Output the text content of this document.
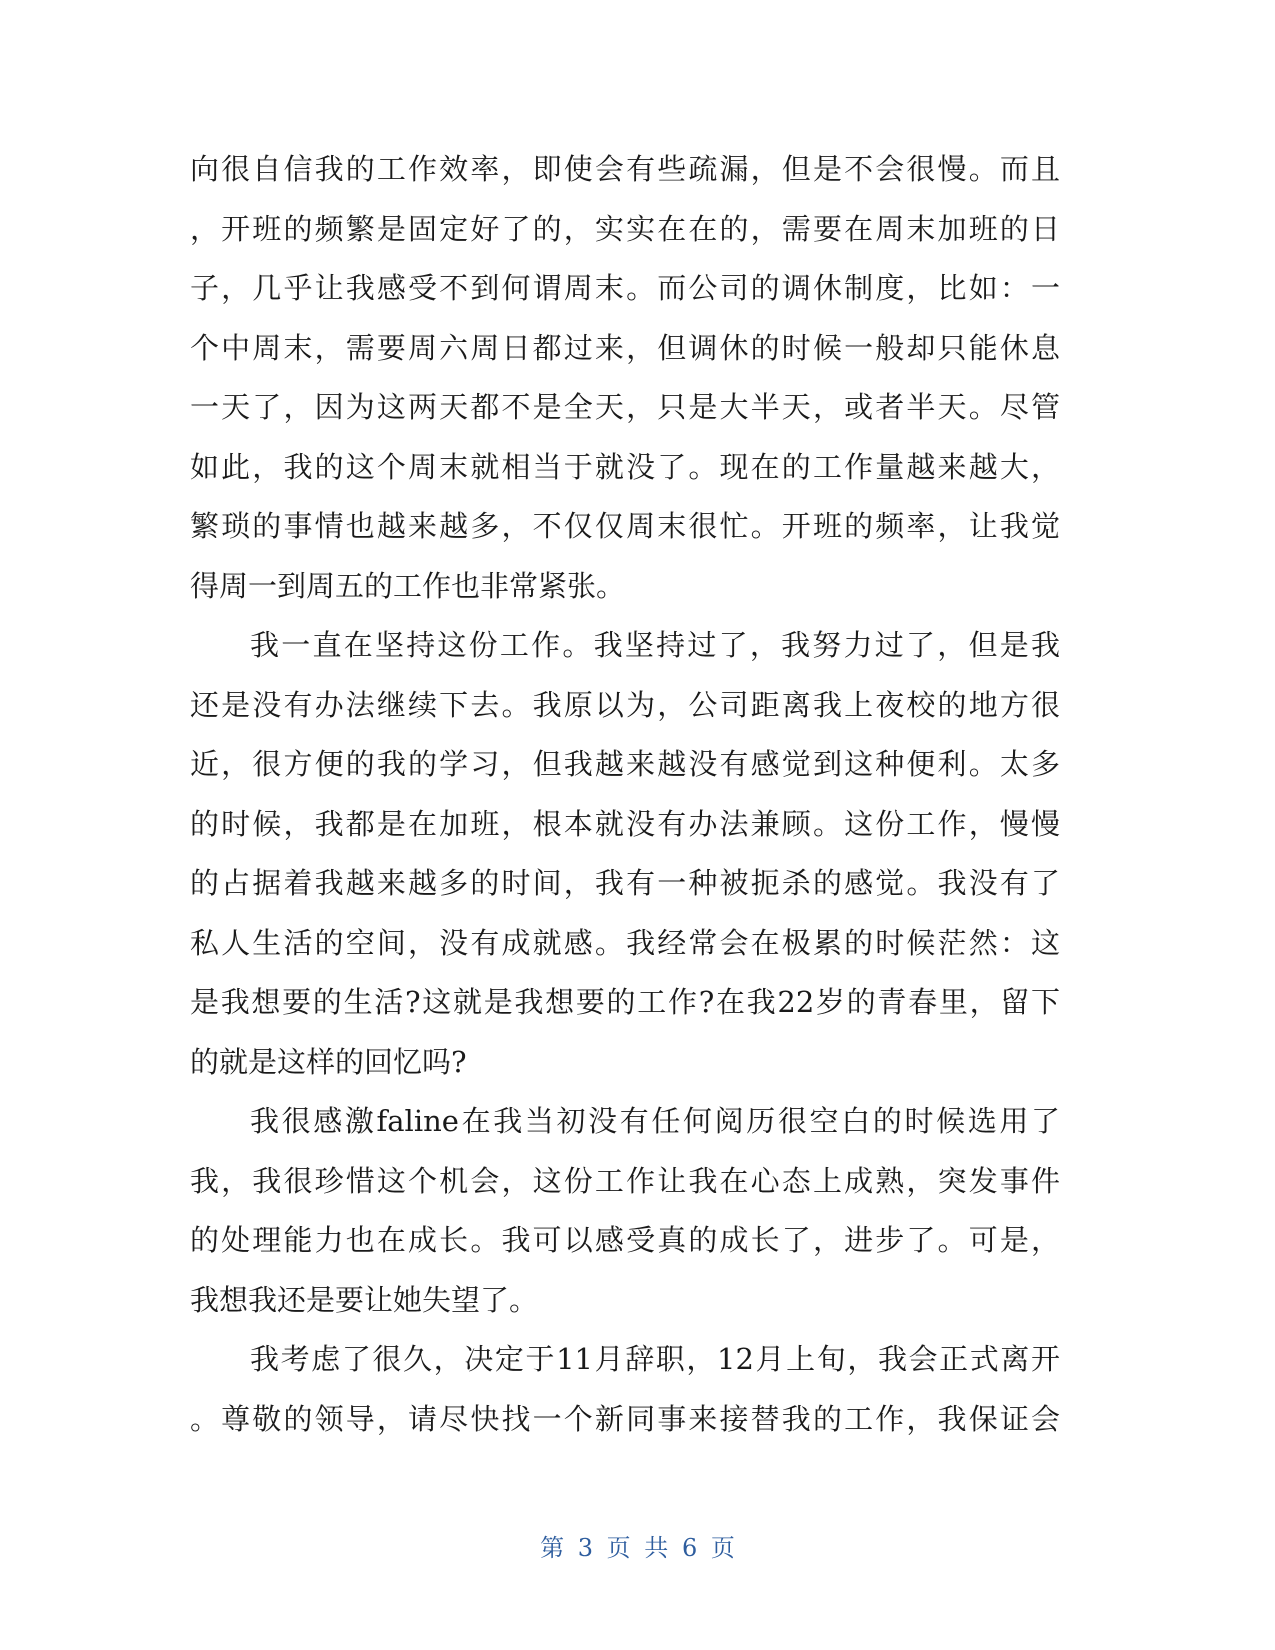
向很自信我的工作效率，即使会有些疏漏，但是不会很慢。而且
，开班的频繁是固定好了的，实实在在的，需要在周末加班的日
子，几乎让我感受不到何谓周末。而公司的调休制度，比如：一
个中周末，需要周六周日都过来，但调休的时候一般却只能休息
一天了，因为这两天都不是全天，只是大半天，或者半天。尽管
如此，我的这个周末就相当于就没了。现在的工作量越来越大，
繁琐的事情也越来越多，不仅仅周末很忙。开班的频率，让我觉
得周一到周五的工作也非常紧张。
我一直在坚持这份工作。我坚持过了，我努力过了，但是我
还是没有办法继续下去。我原以为，公司距离我上夜校的地方很
近，很方便的我的学习，但我越来越没有感觉到这种便利。太多
的时候，我都是在加班，根本就没有办法兼顾。这份工作，慢慢
的占据着我越来越多的时间，我有一种被扼杀的感觉。我没有了
私人生活的空间，没有成就感。我经常会在极累的时候茫然：这
是我想要的生活?这就是我想要的工作?在我22岁的青春里，留下
的就是这样的回忆吗?
我很感激faline在我当初没有任何阅历很空白的时候选用了
我，我很珍惜这个机会，这份工作让我在心态上成熟，突发事件
的处理能力也在成长。我可以感受真的成长了，进步了。可是，
我想我还是要让她失望了。
我考虑了很久，决定于11月辞职，12月上旬，我会正式离开
。尊敬的领导，请尽快找一个新同事来接替我的工作，我保证会
第 3 页 共 6 页
